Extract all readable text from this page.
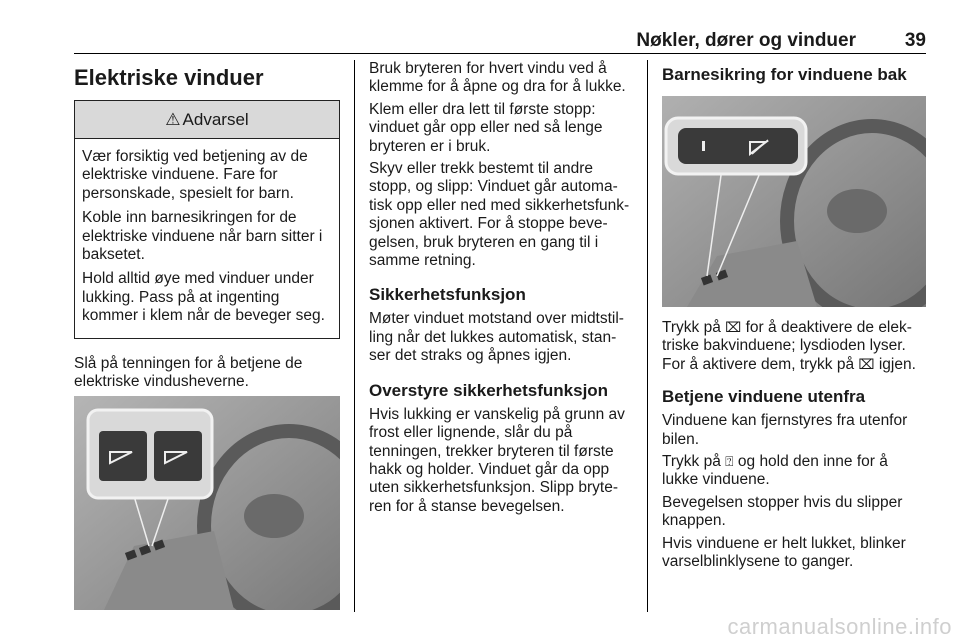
Nøkler, dører og vinduer	39
Elektriske vinduer
⚠ Advarsel

Vær forsiktig ved betjening av de elektriske vinduene. Fare for personskade, spesielt for barn.

Koble inn barnesikringen for de elektriske vinduene når barn sitter i baksetet.

Hold alltid øye med vinduer under lukking. Pass på at ingenting kommer i klem når de beveger seg.

Slå på tenningen for å betjene de elektriske vindusheverne.

Bruk bryteren for hvert vindu ved å klemme for å åpne og dra for å lukke.

Klem eller dra lett til første stopp: vinduet går opp eller ned så lenge bryteren er i bruk.

Skyv eller trekk bestemt til andre stopp, og slipp: Vinduet går automa- tisk opp eller ned med sikkerhetsfunk- sjonen aktivert. For å stoppe beve- gelsen, bruk bryteren en gang til i samme retning.

Sikkerhetsfunksjon

Møter vinduet motstand over midtstil- ling når det lukkes automatisk, stan- ser det straks og åpnes igjen.

Overstyre sikkerhetsfunksjon

Hvis lukking er vanskelig på grunn av frost eller lignende, slår du på tenningen, trekker bryteren til første hakk og holder. Vinduet går da opp uten sikkerhetsfunksjon. Slipp bryte- ren for å stanse bevegelsen.

Barnesikring for vinduene bak

Trykk på ⌧ for å deaktivere de elek- triske bakvinduene; lysdioden lyser. For å aktivere dem, trykk på ⌧ igjen.

Betjene vinduene utenfra

Vinduene kan fjernstyres fra utenfor bilen.

Trykk på ⍰ og hold den inne for å lukke vinduene.

Bevegelsen stopper hvis du slipper knappen.

Hvis vinduene er helt lukket, blinker varselblinklysene to ganger.

carmanualsonline.info
